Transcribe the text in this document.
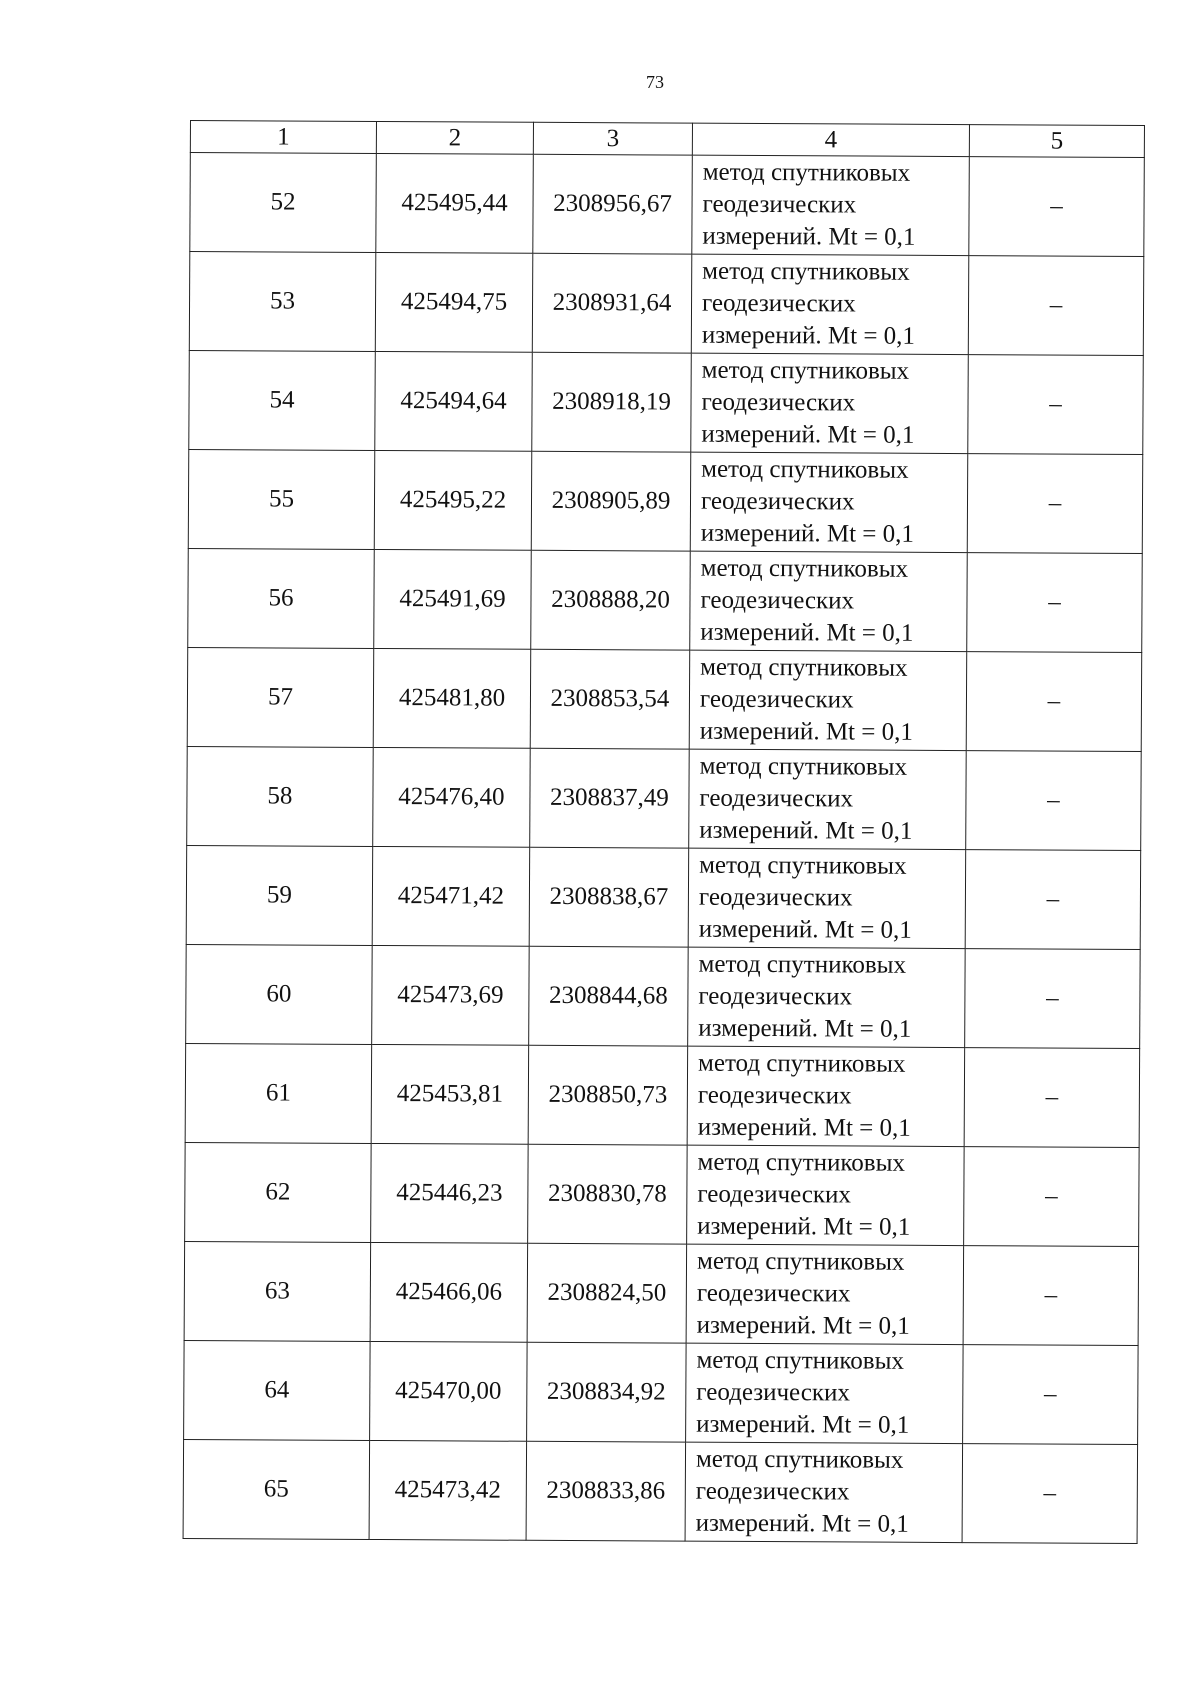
73
1	2	3	4	5
52	425495,44	2308956,67	метод спутниковых
геодезических
измерений. Mt = 0,1	–
53	425494,75	2308931,64	метод спутниковых
геодезических
измерений. Mt = 0,1	–
54	425494,64	2308918,19	метод спутниковых
геодезических
измерений. Mt = 0,1	–
55	425495,22	2308905,89	метод спутниковых
геодезических
измерений. Mt = 0,1	–
56	425491,69	2308888,20	метод спутниковых
геодезических
измерений. Mt = 0,1	–
57	425481,80	2308853,54	метод спутниковых
геодезических
измерений. Mt = 0,1	–
58	425476,40	2308837,49	метод спутниковых
геодезических
измерений. Mt = 0,1	–
59	425471,42	2308838,67	метод спутниковых
геодезических
измерений. Mt = 0,1	–
60	425473,69	2308844,68	метод спутниковых
геодезических
измерений. Mt = 0,1	–
61	425453,81	2308850,73	метод спутниковых
геодезических
измерений. Mt = 0,1	–
62	425446,23	2308830,78	метод спутниковых
геодезических
измерений. Mt = 0,1	–
63	425466,06	2308824,50	метод спутниковых
геодезических
измерений. Mt = 0,1	–
64	425470,00	2308834,92	метод спутниковых
геодезических
измерений. Mt = 0,1	–
65	425473,42	2308833,86	метод спутниковых
геодезических
измерений. Mt = 0,1	–
